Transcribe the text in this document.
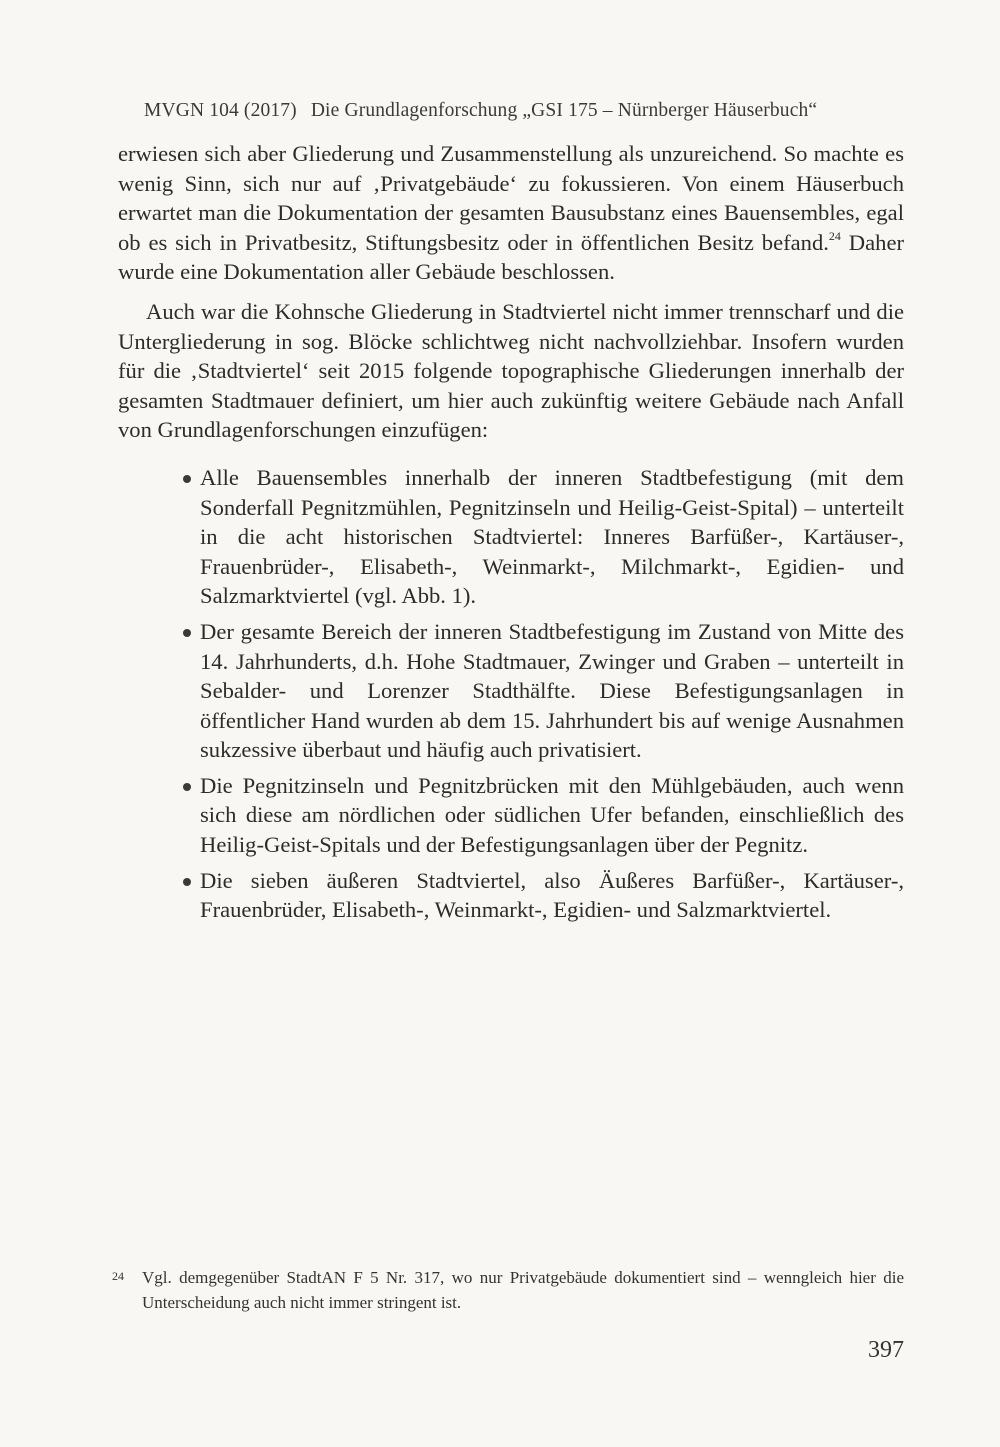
MVGN 104 (2017) Die Grundlagenforschung „GSI 175 – Nürnberger Häuserbuch“

erwiesen sich aber Gliederung und Zusammenstellung als unzureichend. So machte es wenig Sinn, sich nur auf ‚Privatgebäude‘ zu fokussieren. Von einem Häuserbuch erwartet man die Dokumentation der gesamten Bausubstanz eines Bauensembles, egal ob es sich in Privatbesitz, Stiftungsbesitz oder in öffentlichen Besitz befand.$^{24}$ Daher wurde eine Dokumentation aller Gebäude beschlossen.

Auch war die Kohnsche Gliederung in Stadtviertel nicht immer trennscharf und die Untergliederung in sog. Blöcke schlichtweg nicht nachvollziehbar. Insofern wurden für die ‚Stadtviertel‘ seit 2015 folgende topographische Gliederungen innerhalb der gesamten Stadtmauer definiert, um hier auch zukünftig weitere Gebäude nach Anfall von Grundlagenforschungen einzufügen:

Alle Bauensembles innerhalb der inneren Stadtbefestigung (mit dem Sonderfall Pegnitzmühlen, Pegnitzinseln und Heilig-Geist-Spital) – unterteilt in die acht historischen Stadtviertel: Inneres Barfüßer-, Kartäuser-, Frauenbrüder-, Elisabeth-, Weinmarkt-, Milchmarkt-, Egidien- und Salzmarktviertel (vgl. Abb. 1).
Der gesamte Bereich der inneren Stadtbefestigung im Zustand von Mitte des 14. Jahrhunderts, d.h. Hohe Stadtmauer, Zwinger und Graben – unterteilt in Sebalder- und Lorenzer Stadthälfte. Diese Befestigungsanlagen in öffentlicher Hand wurden ab dem 15. Jahrhundert bis auf wenige Ausnahmen sukzessive überbaut und häufig auch privatisiert.
Die Pegnitzinseln und Pegnitzbrücken mit den Mühlgebäuden, auch wenn sich diese am nördlichen oder südlichen Ufer befanden, einschließlich des Heilig-Geist-Spitals und der Befestigungsanlagen über der Pegnitz.
Die sieben äußeren Stadtviertel, also Äußeres Barfüßer-, Kartäuser-, Frauenbrüder, Elisabeth-, Weinmarkt-, Egidien- und Salzmarktviertel.
24	Vgl. demgegenüber StadtAN F 5 Nr. 317, wo nur Privatgebäude dokumentiert sind – wenngleich hier die Unterscheidung auch nicht immer stringent ist.

397
